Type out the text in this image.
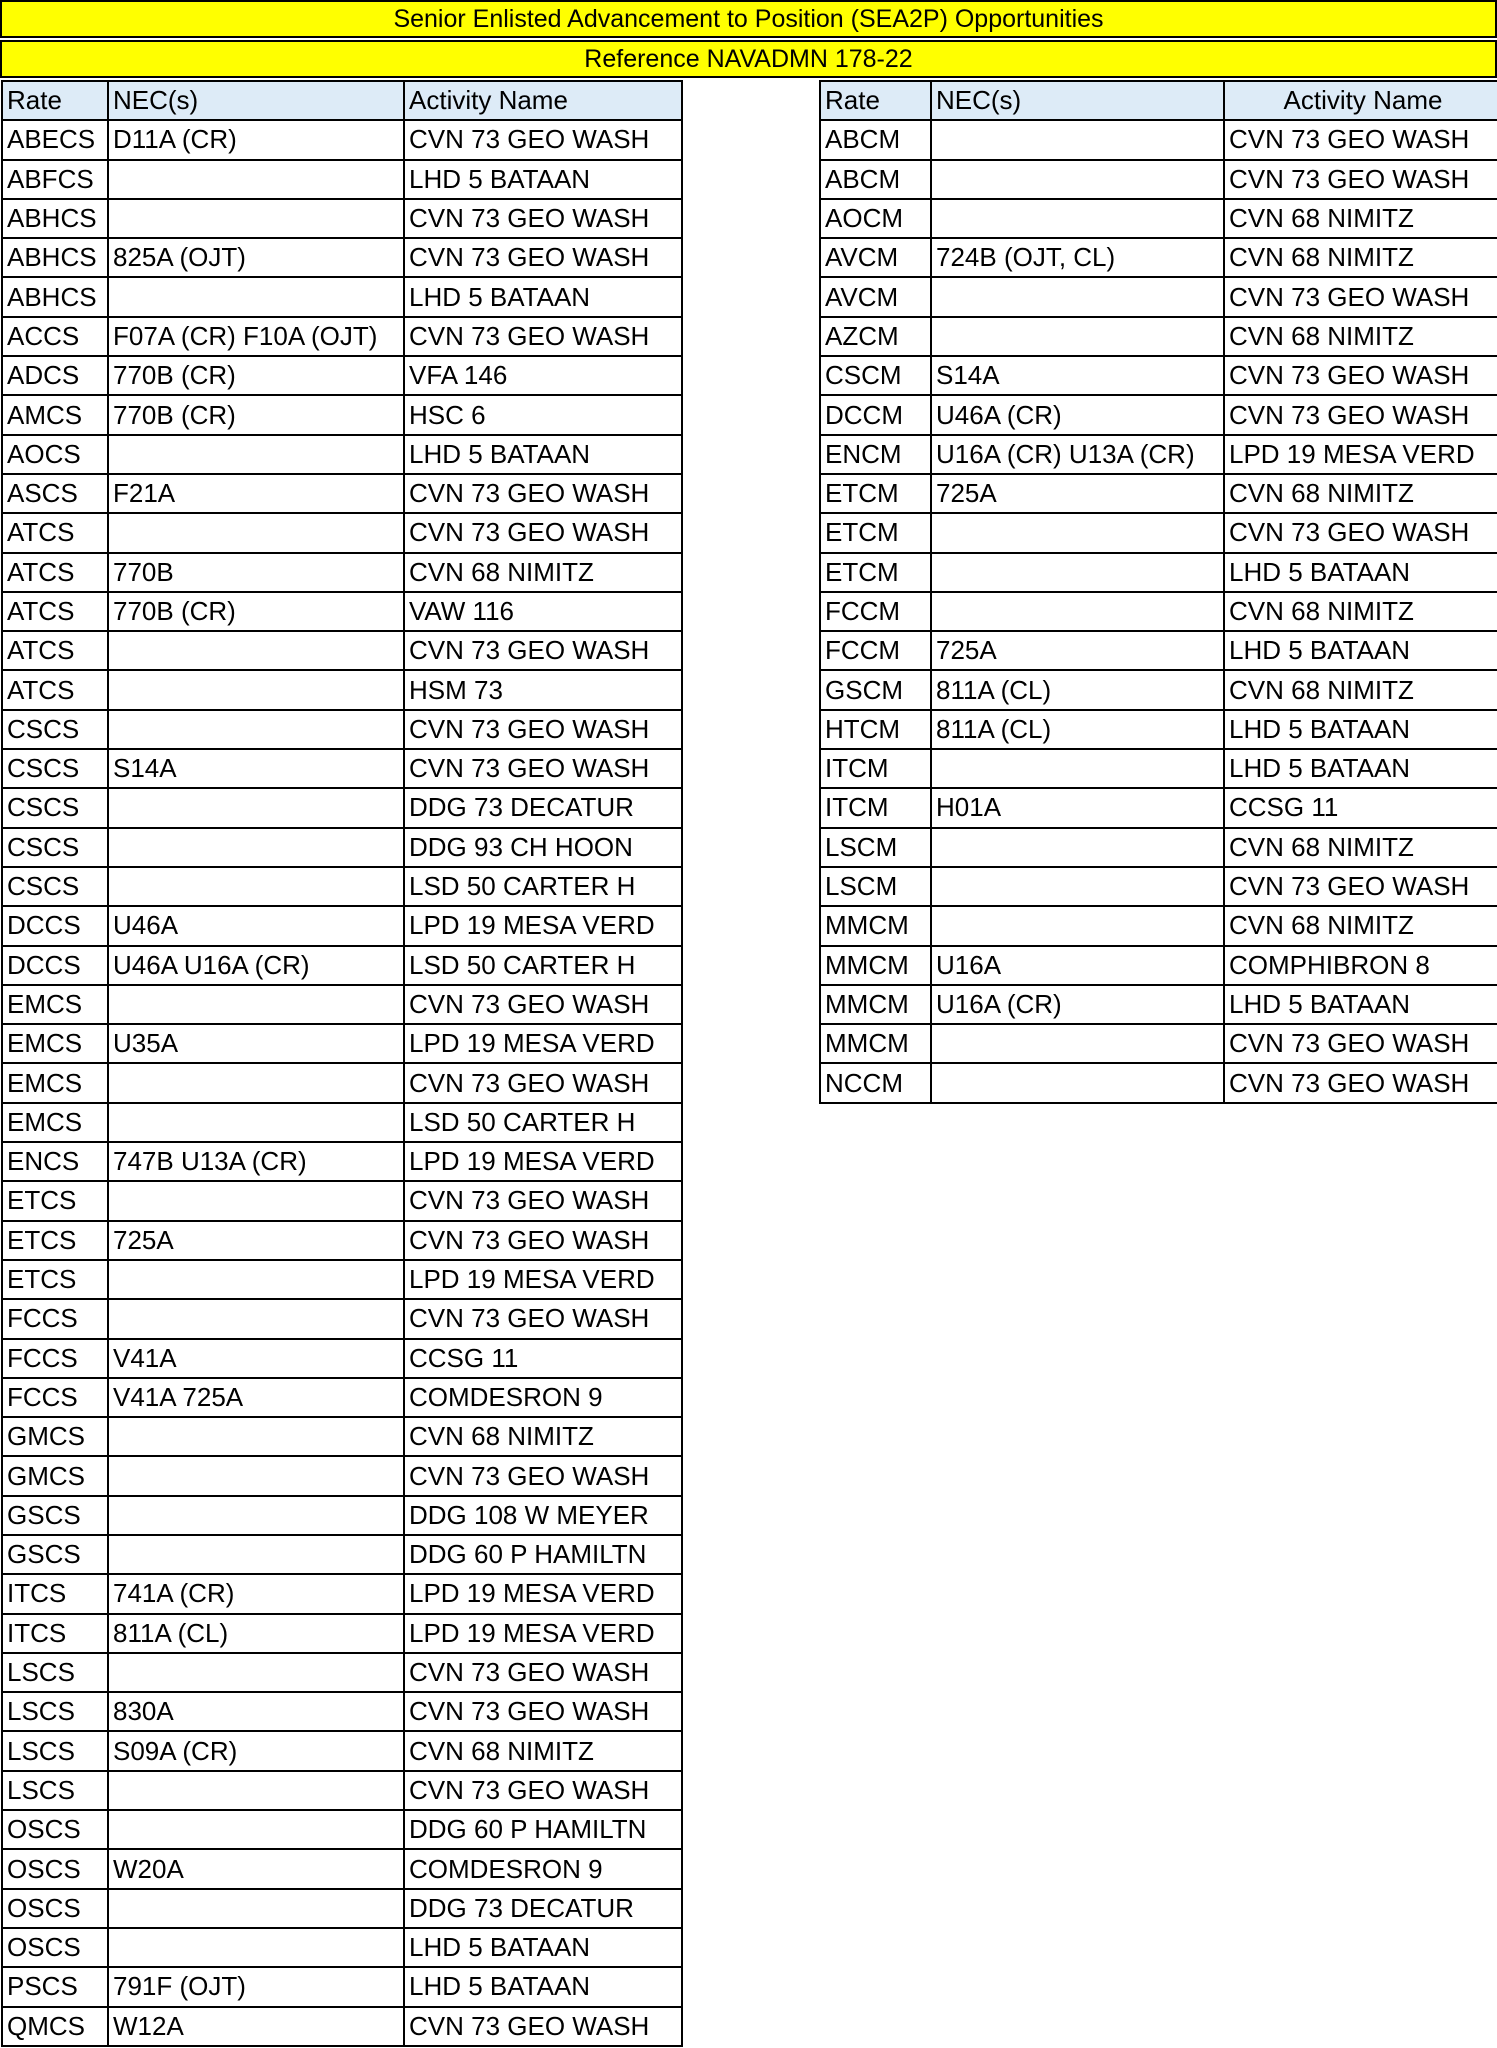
Senior Enlisted Advancement to Position (SEA2P) Opportunities
Reference NAVADMN 178-22
Rate	NEC(s)	Activity Name
ABECS	D11A (CR)	CVN 73 GEO WASH
ABFCS		LHD 5 BATAAN
ABHCS		CVN 73 GEO WASH
ABHCS	825A (OJT)	CVN 73 GEO WASH
ABHCS		LHD 5 BATAAN
ACCS	F07A (CR) F10A (OJT)	CVN 73 GEO WASH
ADCS	770B (CR)	VFA 146
AMCS	770B (CR)	HSC 6
AOCS		LHD 5 BATAAN
ASCS	F21A	CVN 73 GEO WASH
ATCS		CVN 73 GEO WASH
ATCS	770B	CVN 68 NIMITZ
ATCS	770B (CR)	VAW 116
ATCS		CVN 73 GEO WASH
ATCS		HSM 73
CSCS		CVN 73 GEO WASH
CSCS	S14A	CVN 73 GEO WASH
CSCS		DDG 73 DECATUR
CSCS		DDG 93 CH HOON
CSCS		LSD 50 CARTER H
DCCS	U46A	LPD 19 MESA VERD
DCCS	U46A U16A (CR)	LSD 50 CARTER H
EMCS		CVN 73 GEO WASH
EMCS	U35A	LPD 19 MESA VERD
EMCS		CVN 73 GEO WASH
EMCS		LSD 50 CARTER H
ENCS	747B U13A (CR)	LPD 19 MESA VERD
ETCS		CVN 73 GEO WASH
ETCS	725A	CVN 73 GEO WASH
ETCS		LPD 19 MESA VERD
FCCS		CVN 73 GEO WASH
FCCS	V41A	CCSG 11
FCCS	V41A 725A	COMDESRON 9
GMCS		CVN 68 NIMITZ
GMCS		CVN 73 GEO WASH
GSCS		DDG 108 W MEYER
GSCS		DDG 60 P HAMILTN
ITCS	741A (CR)	LPD 19 MESA VERD
ITCS	811A (CL)	LPD 19 MESA VERD
LSCS		CVN 73 GEO WASH
LSCS	830A	CVN 73 GEO WASH
LSCS	S09A (CR)	CVN 68 NIMITZ
LSCS		CVN 73 GEO WASH
OSCS		DDG 60 P HAMILTN
OSCS	W20A	COMDESRON 9
OSCS		DDG 73 DECATUR
OSCS		LHD 5 BATAAN
PSCS	791F (OJT)	LHD 5 BATAAN
QMCS	W12A	CVN 73 GEO WASH
Rate	NEC(s)	Activity Name
ABCM		CVN 73 GEO WASH
ABCM		CVN 73 GEO WASH
AOCM		CVN 68 NIMITZ
AVCM	724B (OJT, CL)	CVN 68 NIMITZ
AVCM		CVN 73 GEO WASH
AZCM		CVN 68 NIMITZ
CSCM	S14A	CVN 73 GEO WASH
DCCM	U46A (CR)	CVN 73 GEO WASH
ENCM	U16A (CR) U13A (CR)	LPD 19 MESA VERD
ETCM	725A	CVN 68 NIMITZ
ETCM		CVN 73 GEO WASH
ETCM		LHD 5 BATAAN
FCCM		CVN 68 NIMITZ
FCCM	725A	LHD 5 BATAAN
GSCM	811A (CL)	CVN 68 NIMITZ
HTCM	811A (CL)	LHD 5 BATAAN
ITCM		LHD 5 BATAAN
ITCM	H01A	CCSG 11
LSCM		CVN 68 NIMITZ
LSCM		CVN 73 GEO WASH
MMCM		CVN 68 NIMITZ
MMCM	U16A	COMPHIBRON 8
MMCM	U16A (CR)	LHD 5 BATAAN
MMCM		CVN 73 GEO WASH
NCCM		CVN 73 GEO WASH
